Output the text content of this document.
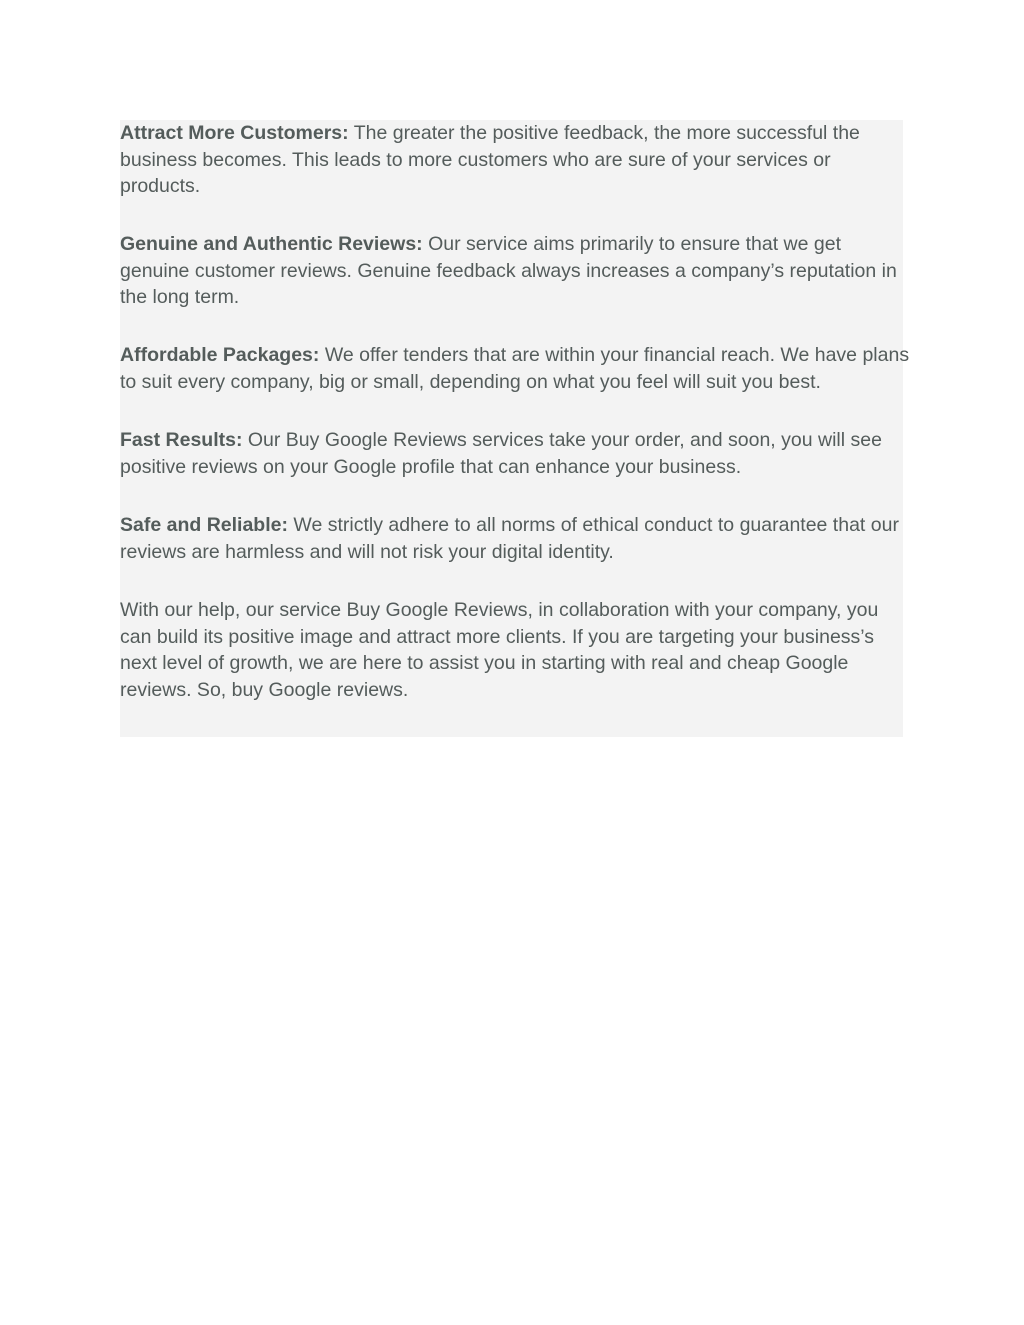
Attract More Customers: The greater the positive feedback, the more successful the business becomes. This leads to more customers who are sure of your services or products.

Genuine and Authentic Reviews: Our service aims primarily to ensure that we get genuine customer reviews. Genuine feedback always increases a company’s reputation in the long term.

Affordable Packages: We offer tenders that are within your financial reach. We have plans to suit every company, big or small, depending on what you feel will suit you best.

Fast Results: Our Buy Google Reviews services take your order, and soon, you will see positive reviews on your Google profile that can enhance your business.

Safe and Reliable: We strictly adhere to all norms of ethical conduct to guarantee that our reviews are harmless and will not risk your digital identity.

With our help, our service Buy Google Reviews, in collaboration with your company, you can build its positive image and attract more clients. If you are targeting your business’s next level of growth, we are here to assist you in starting with real and cheap Google reviews. So, buy Google reviews.
